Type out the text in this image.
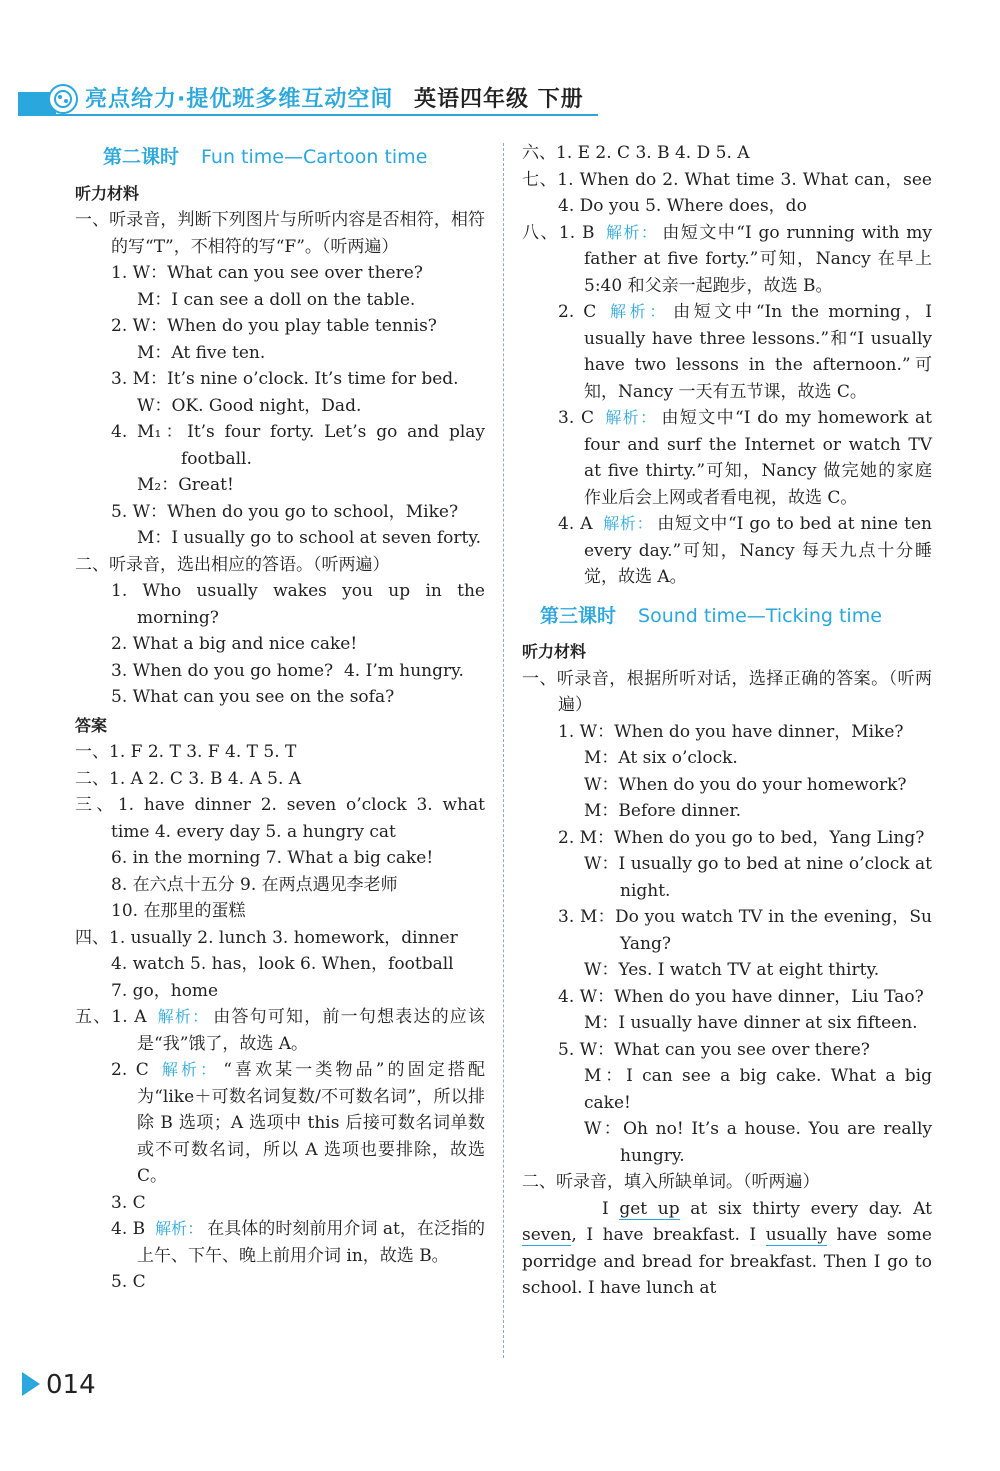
亮点给力·提优班多维互动空间 英语四年级 下册
第二课时 Fun time—Cartoon time
听力材料

一、听录音，判断下列图片与所听内容是否相符，相符的写“T”，不相符的写“F”。（听两遍）

1. W：What can you see over there?

M：I can see a doll on the table.

2. W：When do you play table tennis?

M：At five ten.

3. M：It’s nine o’clock. It’s time for bed.

W：OK. Good night，Dad.

4. M₁：It’s four forty. Let’s go and play football.

M₂：Great!

5. W：When do you go to school，Mike?

M：I usually go to school at seven forty.

二、听录音，选出相应的答语。（听两遍）

1. Who usually wakes you up in the morning?

2. What a big and nice cake!

3. When do you go home? 4. I’m hungry.

5. What can you see on the sofa?

答案

一、1. F 2. T 3. F 4. T 5. T

二、1. A 2. C 3. B 4. A 5. A

三、1. have dinner 2. seven o’clock 3. what time 4. every day 5. a hungry cat

6. in the morning 7. What a big cake!

8. 在六点十五分 9. 在两点遇见李老师

10. 在那里的蛋糕

四、1. usually 2. lunch 3. homework，dinner

4. watch 5. has，look 6. When，football

7. go，home

五、1. A 解析： 由答句可知，前一句想表达的应该是“我”饿了，故选 A。

2. C 解析： “喜欢某一类物品”的固定搭配为“like＋可数名词复数/不可数名词”，所以排除 B 选项；A 选项中 this 后接可数名词单数或不可数名词，所以 A 选项也要排除，故选 C。

3. C

4. B 解析： 在具体的时刻前用介词 at，在泛指的上午、下午、晚上前用介词 in，故选 B。

5. C

六、1. E 2. C 3. B 4. D 5. A

七、1. When do 2. What time 3. What can，see 4. Do you 5. Where does，do

八、1. B 解析： 由短文中“I go running with my father at five forty.”可知，Nancy 在早上 5:40 和父亲一起跑步，故选 B。

2. C 解析： 由短文中“In the morning，I usually have three lessons.”和“I usually have two lessons in the afternoon.”可知，Nancy 一天有五节课，故选 C。

3. C 解析： 由短文中“I do my homework at four and surf the Internet or watch TV at five thirty.”可知，Nancy 做完她的家庭作业后会上网或者看电视，故选 C。

4. A 解析： 由短文中“I go to bed at nine ten every day.”可知，Nancy 每天九点十分睡觉，故选 A。

第三课时 Sound time—Ticking time
听力材料

一、听录音，根据所听对话，选择正确的答案。（听两遍）

1. W：When do you have dinner，Mike?

M：At six o’clock.

W：When do you do your homework?

M：Before dinner.

2. M：When do you go to bed，Yang Ling?

W：I usually go to bed at nine o’clock at night.

3. M：Do you watch TV in the evening，Su Yang?

W：Yes. I watch TV at eight thirty.

4. W：When do you have dinner，Liu Tao?

M：I usually have dinner at six fifteen.

5. W：What can you see over there?

M：I can see a big cake. What a big cake!

W：Oh no! It’s a house. You are really hungry.

二、听录音，填入所缺单词。（听两遍）

I get up at six thirty every day. At seven, I have breakfast. I usually have some porridge and bread for breakfast. Then I go to school. I have lunch at

014
